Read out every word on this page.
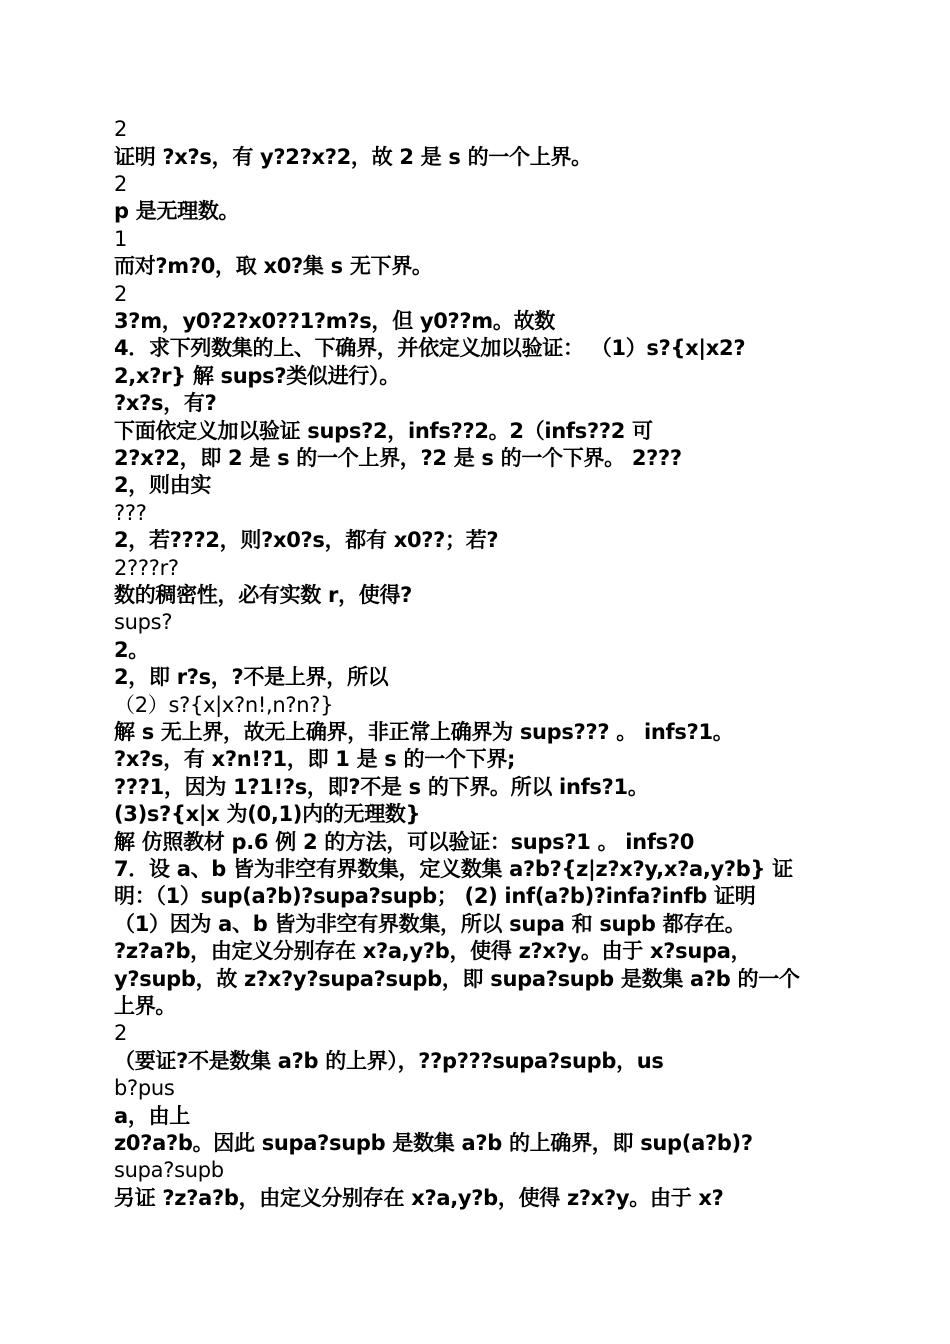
2
证明 ?x?s，有 y?2?x?2，故 2 是 s 的一个上界。
2
p 是无理数。
1
而对?m?0，取 x0?集 s 无下界。
2
3?m，y0?2?x0??1?m?s，但 y0??m。故数
4．求下列数集的上、下确界，并依定义加以验证： （1）s?{x|x2?
2,x?r} 解 sups?类似进行）。
?x?s，有?
下面依定义加以验证 sups?2，infs??2。2（infs??2 可
2?x?2，即 2 是 s 的一个上界，?2 是 s 的一个下界。 2???
2，则由实
???
2，若???2，则?x0?s，都有 x0??；若?
2???r?
数的稠密性，必有实数 r，使得?
sups?
2。
2，即 r?s，?不是上界，所以
（2）s?{x|x?n!,n?n?}
解 s 无上界，故无上确界，非正常上确界为 sups??? 。 infs?1。
?x?s，有 x?n!?1，即 1 是 s 的一个下界;
???1，因为 1?1!?s，即?不是 s 的下界。所以 infs?1。
(3)s?{x|x 为(0,1)内的无理数}
解 仿照教材 p.6 例 2 的方法，可以验证：sups?1 。 infs?0
7．设 a、b 皆为非空有界数集，定义数集 a?b?{z|z?x?y,x?a,y?b} 证
明：（1）sup(a?b)?supa?supb； (2) inf(a?b)?infa?infb 证明
（1）因为 a、b 皆为非空有界数集，所以 supa 和 supb 都存在。
?z?a?b，由定义分别存在 x?a,y?b，使得 z?x?y。由于 x?supa，
y?supb，故 z?x?y?supa?supb，即 supa?supb 是数集 a?b 的一个
上界。
2
（要证?不是数集 a?b 的上界），??p???supa?supb，us
b?pus
a，由上
z0?a?b。因此 supa?supb 是数集 a?b 的上确界，即 sup(a?b)?
supa?supb
另证 ?z?a?b，由定义分别存在 x?a,y?b，使得 z?x?y。由于 x?
